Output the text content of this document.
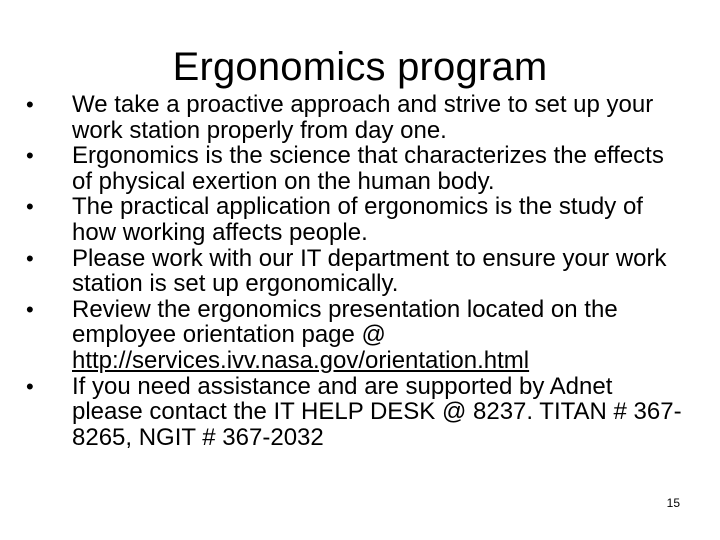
Ergonomics program
•	We take a proactive approach and strive to set up your work station properly from day one.
•	Ergonomics is the science that characterizes the effects of physical exertion on the human body.
•	The practical application of ergonomics is the study of how working affects people.
•	Please work with our IT department to ensure your work station is set up ergonomically.
•	Review the ergonomics presentation located on the employee orientation page @ http://services.ivv.nasa.gov/orientation.html
•	If you need assistance and are supported by Adnet please contact the IT HELP DESK @ 8237. TITAN # 367-8265, NGIT # 367-2032
15
